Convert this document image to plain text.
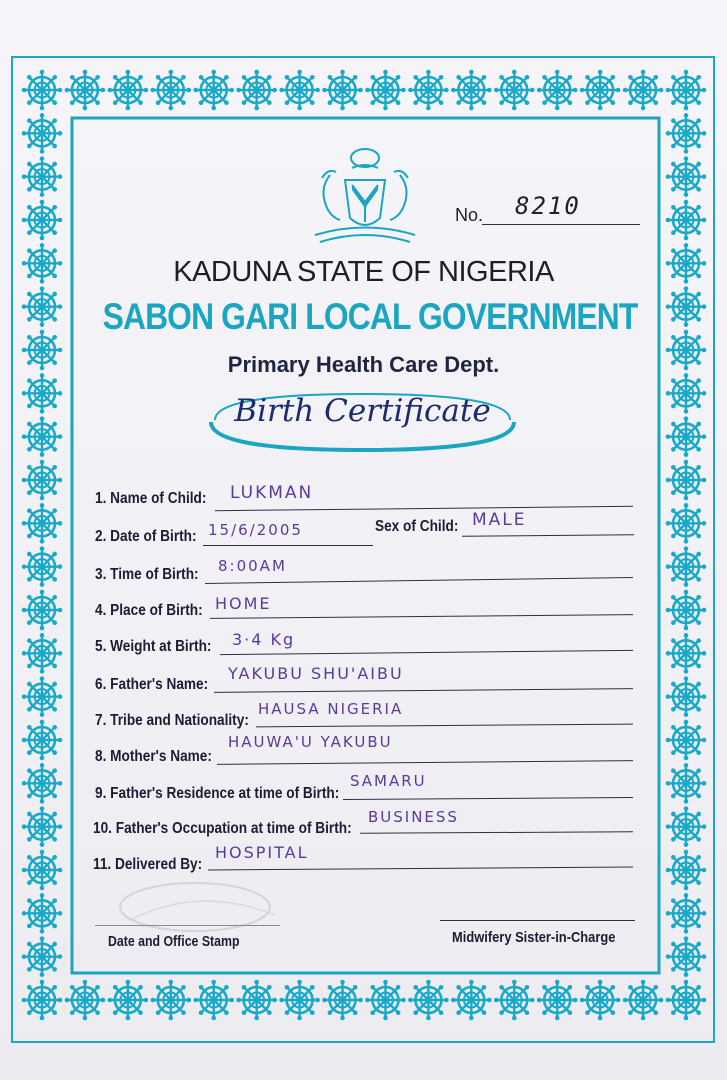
No. 8210
KADUNA STATE OF NIGERIA
SABON GARI LOCAL GOVERNMENT
Primary Health Care Dept.
Birth Certificate
1. Name of Child: LUKMAN
2. Date of Birth: 15/6/2005	Sex of Child: MALE
3. Time of Birth: 8:00AM
4. Place of Birth: HOME
5. Weight at Birth: 3·4 Kg
6. Father's Name:
YAKUBU SHU'AIBU
7. Tribe and Nationality:
HAUSA NIGERIA
8. Mother's Name:
HAUWA'U YAKUBU
9. Father's Residence at time of Birth:
SAMARU
10. Father's Occupation at time of Birth:
BUSINESS
11. Delivered By:
HOSPITAL
Date and Office Stamp	Midwifery Sister-in-Charge
